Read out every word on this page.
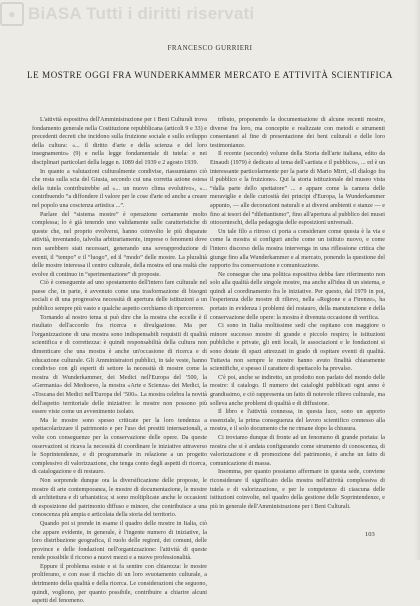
● BiASA Tutti i diritti riservati
FRANCESCO GURRIERI
LE MOSTRE OGGI FRA WUNDERKAMMER MERCATO E ATTIVITÀ SCIENTIFICA

L'attività espositiva dell'Amministrazione per i Beni Culturali trova fondamento generale nella Costituzione repubblicana (articoli 9 e 33) e precedenti decreti che incidono sulla fruizione sociale e sullo sviluppo della cultura: «... il diritto d'arte e della scienza e del loro insegnamento» (9) e nella legge fondamentale di tutela: e nei disciplinari particolari della legge n. 1089 del 1939 e 2 agosto 1939.

In quanto a valutazioni culturalmente condivise, riassumiamo ciò che resta sulla scia del Giusta, secondo cui una corretta azione estesa della tutela contribuirebbe ad «... un nuovo clima evolutivo», «... contribuendo “a diffondere il valore per le cose d'arte ed anche a creare nel popolo una coscienza artistica ...”.

Parlare del “sistema mostre” è operazione certamente molto complessa; lo è già tenendo uno validamente sulle caratteristiche di queste che, nel proprio evolversi, hanno coinvolto le più disparate attività, inventando, talvolta arbitrariamente, imprese o fenomeni dove non sarebbero stati necessari, generando una sovrapproduzione di eventi, il “tempo” e il “luogo”, ed il “modo” delle mostre. La pluralità delle mostre interessa il centro culturale, della mostra ed una realtà che evolve di continuo in “sperimentazione” di proposte.

Ciò è conseguente ad uno spostamento dell'intero fare culturale nel paese che, in parte, è avvenuto come una trasformazione di bisogni sociali e di una progressiva necessità di apertura delle istituzioni a un pubblico sempre più vasto e qualche aspetto cerchiamo di ripercorrere.

Tornando al nostro tema si può dire che la mostra che eccelle è il risultato dell'accordo fra ricerca e divulgazione. Ma per l'organizzazione di una mostra sono indispensabili requisiti di qualità scientifica e di correttezza: è quindi responsabilità della cultura non dimenticare che una mostra è anche un'occasione di ricerca e di educazione culturale. Gli Amministratori pubblici, in tale veste, hanno condiviso con gli esperti di settore la necessità di mostre come la mostra di Wunderkammer, dei Medici nell'Europa del ’500, la «Germania» del Medioevo, la mostra «Arte e Scienza» dei Medici, la «Toscana dei Medici nell'Europa del ’500». La mostra celebra la novità dell'aspetto territoriale delle iniziative: le mostre non possono più essere viste come un avvenimento isolato.

Ma le mostre sono spesso criticate per la loro tendenza a spettacolarizzare il patrimonio e per l'uso dei prestiti internazionali, a volte con conseguenze per la conservazione delle opere. Da queste osservazioni si ricava la necessità di coordinare le iniziative attraverso le Soprintendenze, e di programmarle in relazione a un progetto complessivo di valorizzazione, che tenga conto degli aspetti di ricerca, di catalogazione e di restauro.

Non sorprende dunque ora la diversificazione delle proposte, le mostre di arte contemporanea, le mostre di documentazione, le mostre di architettura e di urbanistica; si sono moltiplicate anche le occasioni di esposizione del patrimonio diffuso e minore, che contribuisce a una conoscenza più ampia e articolata della storia del territorio.

Quando poi si prende in esame il quadro delle mostre in Italia, ciò che appare evidente, in generale, è l'ingente numero di iniziative, la loro distribuzione geografica, il ruolo delle regioni, dei comuni, delle province e delle fondazioni nell'organizzazione: l'attività di queste rende possibile il ricorso a nuovi mezzi e a nuove professionalità.

Eppure il problema esiste e si fa sentire con chiarezza: le mostre proliferano, e con esse il rischio di un loro svuotamento culturale, a detrimento della qualità e della ricerca. Le considerazioni che seguono, quindi, vogliono, per quanto possibile, contribuire a chiarire alcuni aspetti del fenomeno.

tributo, proponendo la documentazione di alcune recenti mostre, diverse fra loro, ma concepite e realizzate con metodi e strumenti consentanei al fine di presentazione dei beni culturali e delle loro testimonianze.

Il recente (secondo) volume della Storia dell'arte italiana, edito da Einaudi (1979) è dedicato al tema dell'«artista e il pubblico», ... ed è un interessante particolarmente per la parte di Mario Mirri, «Il dialogo fra il pubblico e la fruizione». Qui la storia istituzionale del museo vista “dalla parte dello spettatore” ... e appare come la camera delle meraviglie e delle curiosità dei principi d'Europa, la Wunderkammer appunto, — alle decorazioni naturali e ai diversi ambienti e stanze — e fino ai tesori del “dilettantismo”, fino all'apertura al pubblico dei musei ottocenteschi, della pedagogia delle esposizioni universali.

Un tale filo a ritroso ci porta a considerare come questa è la via e come la mostra si configuri anche come un istituto nuovo, e come l'intero discorso della mostra intervenga in una riflessione critica che giunge fino alla Wunderkammer e al mercato, ponendo la questione del rapporto fra conservazione e comunicazione.

Ne consegue che una politica espositiva debba fare riferimento non solo alla qualità delle singole mostre, ma anche all'idea di un sistema, e quindi al coordinamento fra le iniziative. Per questo, dal 1979 in poi, l'esperienza delle mostre di rilievo, nella «Regione e a Firenze», ha portato in evidenza i problemi del restauro, della manutenzione e della conservazione delle opere: la mostra è divenuta occasione di verifica.

Ci sono in Italia moltissime sedi che ospitano con maggiore o minore successo mostre di grande e piccolo respiro; le istituzioni pubbliche e private, gli enti locali, le associazioni e le fondazioni si sono dotate di spazi attrezzati in grado di ospitare eventi di qualità. Tuttavia non sempre le mostre hanno avuto finalità chiaramente scientifiche, e spesso il carattere di spettacolo ha prevalso.

C'è poi, anche se indiretto, un prodotto non parlato del mondo delle mostre: il catalogo. Il numero dei cataloghi pubblicati ogni anno è grandissimo, e ciò rappresenta un fatto di notevole rilievo culturale, ma solleva anche problemi di qualità e di diffusione.

Il libro e l'attività connessa, in questa luce, sono un apporto essenziale, la prima conseguenza del lavoro scientifico connesso alla mostra, e il solo documento che ne rimane dopo la chiusura.

Ci troviamo dunque di fronte ad un fenomeno di grande portata: la mostra che si è andata configurando come strumento di conoscenza, di valorizzazione e di promozione del patrimonio, è anche un fatto di comunicazione di massa.

Insomma, per quanto possiamo affermare in questa sede, conviene riconsiderare il significato della mostra nell'attività complessiva di tutela e di valorizzazione, e per le competenze di ciascuna delle istituzioni coinvolte, nel quadro della gestione delle Soprintendenze, e più in generale dell'Amministrazione per i Beni Culturali.

103
